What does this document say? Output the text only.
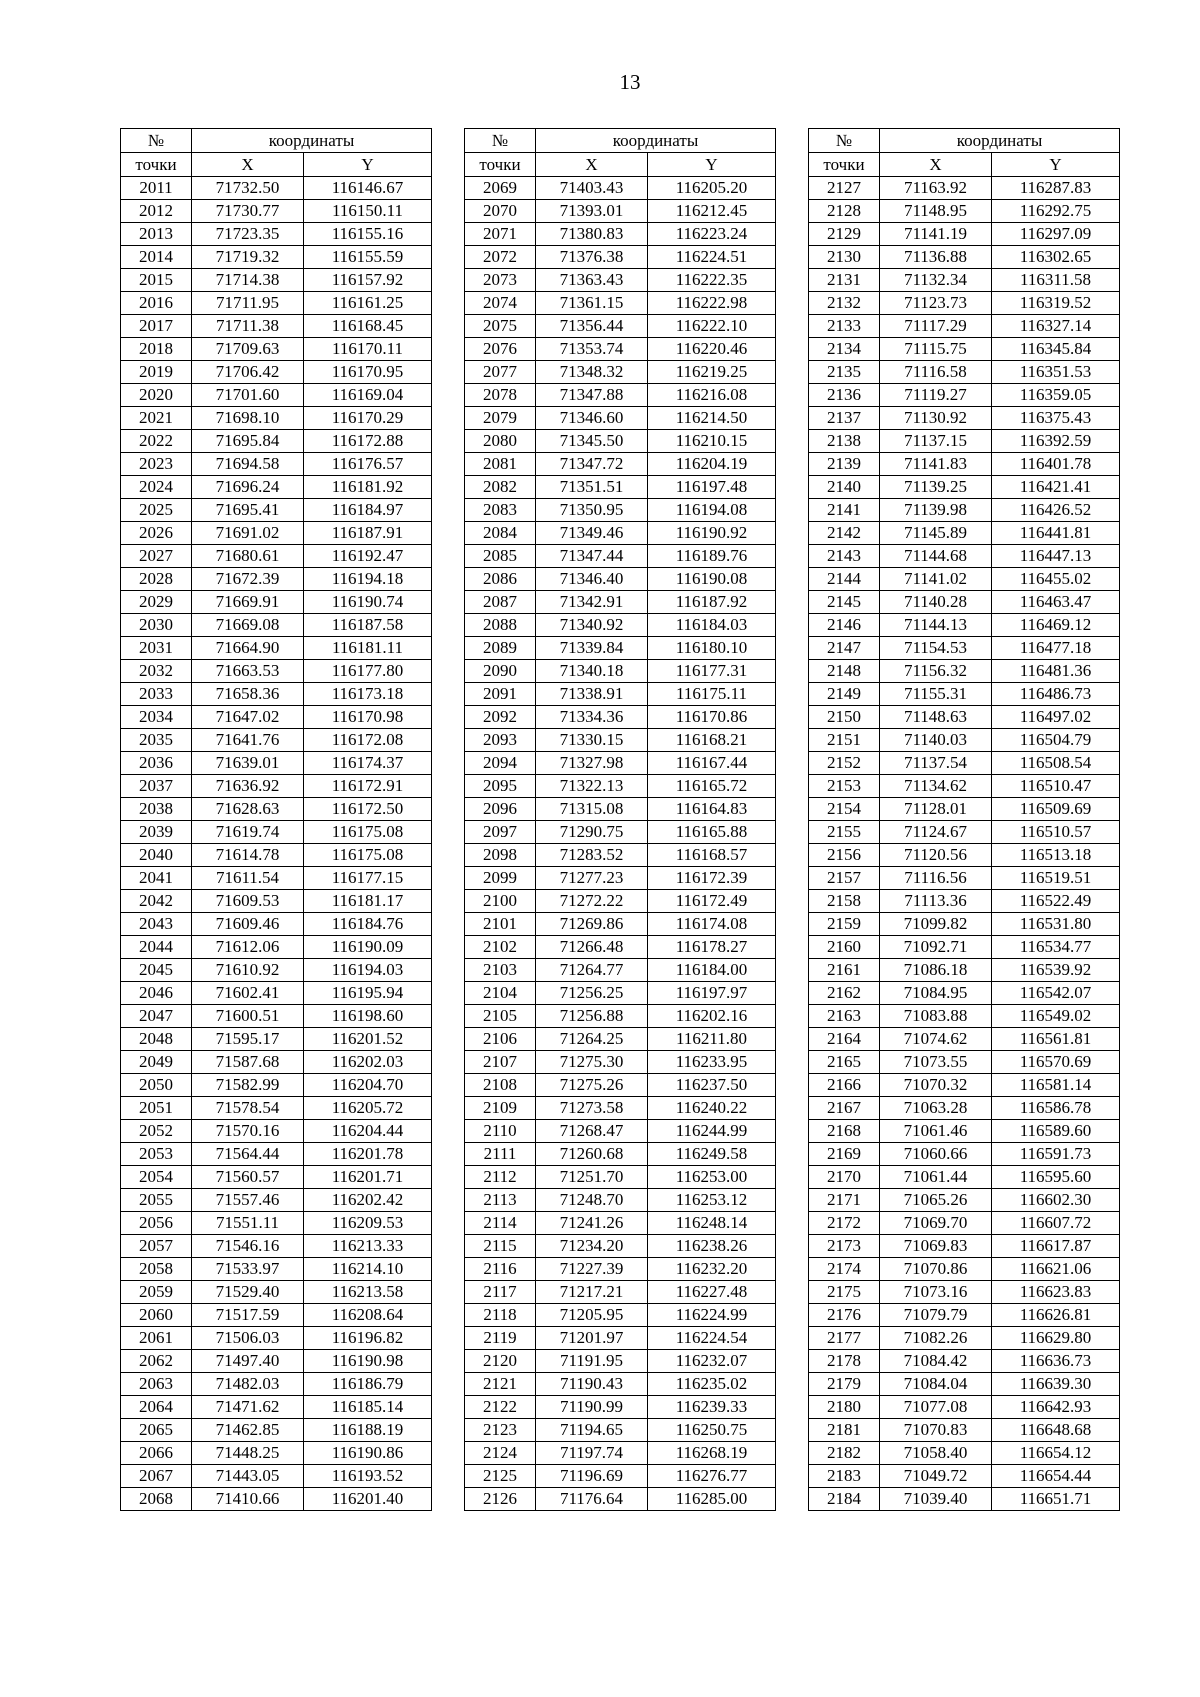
13
№	координаты	
точки	X	Y
2011	71732.50	116146.67
2012	71730.77	116150.11
2013	71723.35	116155.16
2014	71719.32	116155.59
2015	71714.38	116157.92
2016	71711.95	116161.25
2017	71711.38	116168.45
2018	71709.63	116170.11
2019	71706.42	116170.95
2020	71701.60	116169.04
2021	71698.10	116170.29
2022	71695.84	116172.88
2023	71694.58	116176.57
2024	71696.24	116181.92
2025	71695.41	116184.97
2026	71691.02	116187.91
2027	71680.61	116192.47
2028	71672.39	116194.18
2029	71669.91	116190.74
2030	71669.08	116187.58
2031	71664.90	116181.11
2032	71663.53	116177.80
2033	71658.36	116173.18
2034	71647.02	116170.98
2035	71641.76	116172.08
2036	71639.01	116174.37
2037	71636.92	116172.91
2038	71628.63	116172.50
2039	71619.74	116175.08
2040	71614.78	116175.08
2041	71611.54	116177.15
2042	71609.53	116181.17
2043	71609.46	116184.76
2044	71612.06	116190.09
2045	71610.92	116194.03
2046	71602.41	116195.94
2047	71600.51	116198.60
2048	71595.17	116201.52
2049	71587.68	116202.03
2050	71582.99	116204.70
2051	71578.54	116205.72
2052	71570.16	116204.44
2053	71564.44	116201.78
2054	71560.57	116201.71
2055	71557.46	116202.42
2056	71551.11	116209.53
2057	71546.16	116213.33
2058	71533.97	116214.10
2059	71529.40	116213.58
2060	71517.59	116208.64
2061	71506.03	116196.82
2062	71497.40	116190.98
2063	71482.03	116186.79
2064	71471.62	116185.14
2065	71462.85	116188.19
2066	71448.25	116190.86
2067	71443.05	116193.52
2068	71410.66	116201.40
№	координаты	
точки	X	Y
2069	71403.43	116205.20
2070	71393.01	116212.45
2071	71380.83	116223.24
2072	71376.38	116224.51
2073	71363.43	116222.35
2074	71361.15	116222.98
2075	71356.44	116222.10
2076	71353.74	116220.46
2077	71348.32	116219.25
2078	71347.88	116216.08
2079	71346.60	116214.50
2080	71345.50	116210.15
2081	71347.72	116204.19
2082	71351.51	116197.48
2083	71350.95	116194.08
2084	71349.46	116190.92
2085	71347.44	116189.76
2086	71346.40	116190.08
2087	71342.91	116187.92
2088	71340.92	116184.03
2089	71339.84	116180.10
2090	71340.18	116177.31
2091	71338.91	116175.11
2092	71334.36	116170.86
2093	71330.15	116168.21
2094	71327.98	116167.44
2095	71322.13	116165.72
2096	71315.08	116164.83
2097	71290.75	116165.88
2098	71283.52	116168.57
2099	71277.23	116172.39
2100	71272.22	116172.49
2101	71269.86	116174.08
2102	71266.48	116178.27
2103	71264.77	116184.00
2104	71256.25	116197.97
2105	71256.88	116202.16
2106	71264.25	116211.80
2107	71275.30	116233.95
2108	71275.26	116237.50
2109	71273.58	116240.22
2110	71268.47	116244.99
2111	71260.68	116249.58
2112	71251.70	116253.00
2113	71248.70	116253.12
2114	71241.26	116248.14
2115	71234.20	116238.26
2116	71227.39	116232.20
2117	71217.21	116227.48
2118	71205.95	116224.99
2119	71201.97	116224.54
2120	71191.95	116232.07
2121	71190.43	116235.02
2122	71190.99	116239.33
2123	71194.65	116250.75
2124	71197.74	116268.19
2125	71196.69	116276.77
2126	71176.64	116285.00
№	координаты	
точки	X	Y
2127	71163.92	116287.83
2128	71148.95	116292.75
2129	71141.19	116297.09
2130	71136.88	116302.65
2131	71132.34	116311.58
2132	71123.73	116319.52
2133	71117.29	116327.14
2134	71115.75	116345.84
2135	71116.58	116351.53
2136	71119.27	116359.05
2137	71130.92	116375.43
2138	71137.15	116392.59
2139	71141.83	116401.78
2140	71139.25	116421.41
2141	71139.98	116426.52
2142	71145.89	116441.81
2143	71144.68	116447.13
2144	71141.02	116455.02
2145	71140.28	116463.47
2146	71144.13	116469.12
2147	71154.53	116477.18
2148	71156.32	116481.36
2149	71155.31	116486.73
2150	71148.63	116497.02
2151	71140.03	116504.79
2152	71137.54	116508.54
2153	71134.62	116510.47
2154	71128.01	116509.69
2155	71124.67	116510.57
2156	71120.56	116513.18
2157	71116.56	116519.51
2158	71113.36	116522.49
2159	71099.82	116531.80
2160	71092.71	116534.77
2161	71086.18	116539.92
2162	71084.95	116542.07
2163	71083.88	116549.02
2164	71074.62	116561.81
2165	71073.55	116570.69
2166	71070.32	116581.14
2167	71063.28	116586.78
2168	71061.46	116589.60
2169	71060.66	116591.73
2170	71061.44	116595.60
2171	71065.26	116602.30
2172	71069.70	116607.72
2173	71069.83	116617.87
2174	71070.86	116621.06
2175	71073.16	116623.83
2176	71079.79	116626.81
2177	71082.26	116629.80
2178	71084.42	116636.73
2179	71084.04	116639.30
2180	71077.08	116642.93
2181	71070.83	116648.68
2182	71058.40	116654.12
2183	71049.72	116654.44
2184	71039.40	116651.71
